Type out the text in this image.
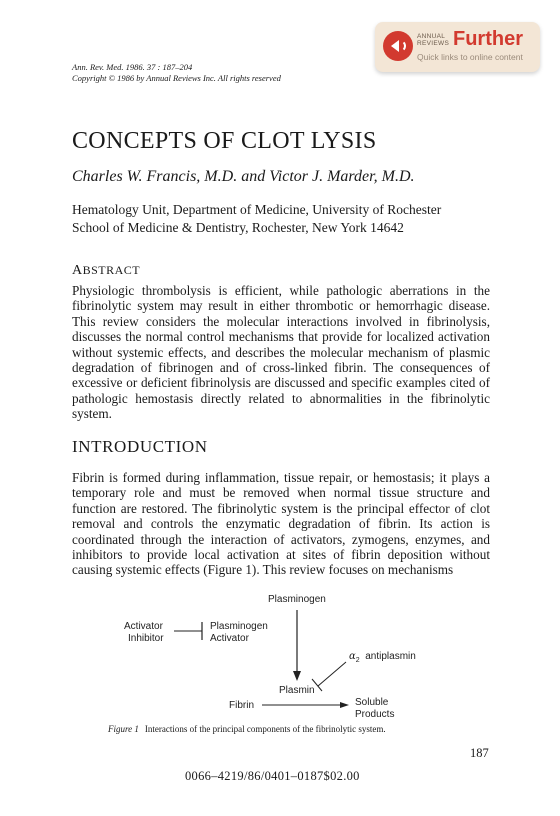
ANNUAL
REVIEWS Further
Quick links to online content
Ann. Rev. Med. 1986. 37 : 187–204
Copyright © 1986 by Annual Reviews Inc. All rights reserved
CONCEPTS OF CLOT LYSIS
Charles W. Francis, M.D. and Victor J. Marder, M.D.
Hematology Unit, Department of Medicine, University of Rochester
School of Medicine & Dentistry, Rochester, New York 14642
ABSTRACT
Physiologic thrombolysis is efficient, while pathologic aberrations in the fibrinolytic system may result in either thrombotic or hemorrhagic disease. This review considers the molecular interactions involved in fibrinolysis, discusses the normal control mechanisms that provide for localized activation without systemic effects, and describes the molecular mechanism of plasmic degradation of fibrinogen and of cross-linked fibrin. The consequences of excessive or deficient fibrinolysis are discussed and specific examples cited of pathologic hemostasis directly related to abnormalities in the fibrinolytic system.
INTRODUCTION
Fibrin is formed during inflammation, tissue repair, or hemostasis; it plays a temporary role and must be removed when normal tissue structure and function are restored. The fibrinolytic system is the principal effector of clot removal and controls the enzymatic degradation of fibrin. Its action is coordinated through the interaction of activators, zymogens, enzymes, and inhibitors to provide local activation at sites of fibrin deposition without causing systemic effects (Figure 1). This review focuses on mechanisms
Plasminogen
Activator
Inhibitor
Plasminogen
Activator
$\alpha_2$ antiplasmin
Plasmin
Fibrin	Soluble
Products
Figure 1 Interactions of the principal components of the fibrinolytic system.
187
0066–4219/86/0401–0187$02.00
